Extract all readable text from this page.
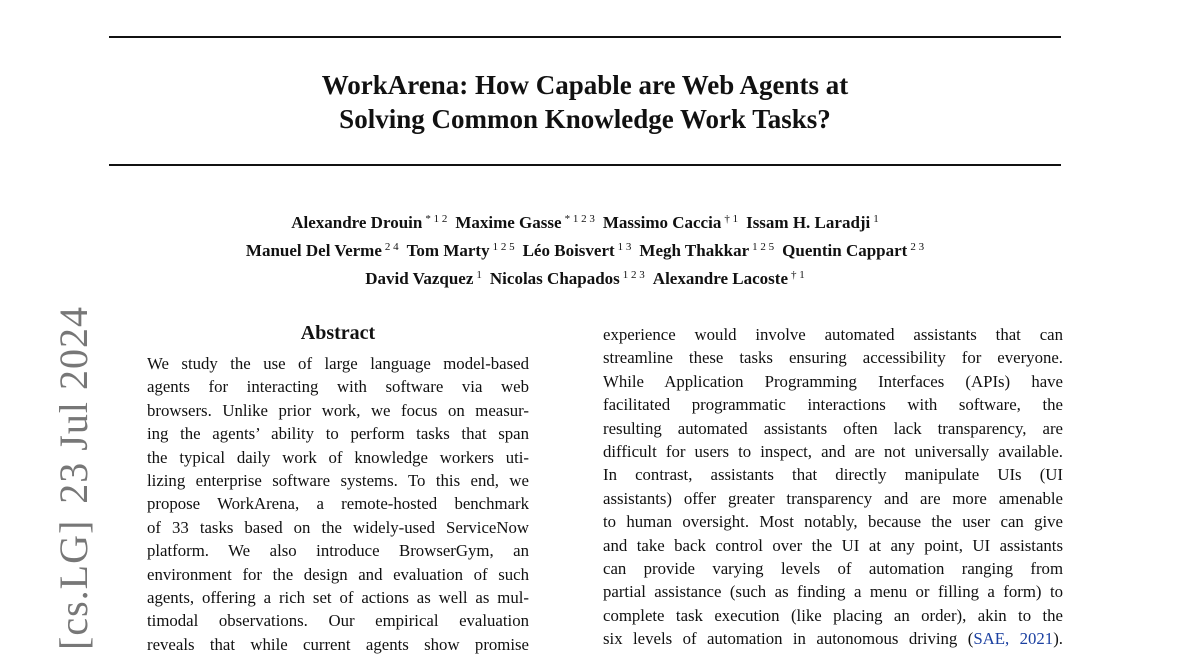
WorkArena: How Capable are Web Agents at
Solving Common Knowledge Work Tasks?
Alexandre Drouin $^{* 1 2}$ Maxime Gasse $^{* 1 2 3}$ Massimo Caccia $^{\dagger 1}$ Issam H. Laradji $^1$
Manuel Del Verme $^{2 4}$ Tom Marty $^{1 2 5}$ Léo Boisvert $^{1 3}$ Megh Thakkar $^{1 2 5}$ Quentin Cappart $^{2 3}$
David Vazquez $^1$ Nicolas Chapados $^{1 2 3}$ Alexandre Lacoste $^{\dagger 1}$
[cs.LG]23 Jul 2024	Abstract
We study the use of large language model-based
agents for interacting with software via web
browsers. Unlike prior work, we focus on measur-
ing the agents’ ability to perform tasks that span
the typical daily work of knowledge workers uti-
lizing enterprise software systems. To this end, we
propose WorkArena, a remote-hosted benchmark
of 33 tasks based on the widely-used ServiceNow
platform. We also introduce BrowserGym, an
environment for the design and evaluation of such
agents, offering a rich set of actions as well as mul-
timodal observations. Our empirical evaluation
reveals that while current agents show promise
experience would involve automated assistants that can
streamline these tasks ensuring accessibility for everyone.
While Application Programming Interfaces (APIs) have
facilitated programmatic interactions with software, the
resulting automated assistants often lack transparency, are
difficult for users to inspect, and are not universally available.
In contrast, assistants that directly manipulate UIs (UI
assistants) offer greater transparency and are more amenable
to human oversight. Most notably, because the user can give
and take back control over the UI at any point, UI assistants
can provide varying levels of automation ranging from
partial assistance (such as finding a menu or filling a form) to
complete task execution (like placing an order), akin to the
six levels of automation in autonomous driving (SAE, 2021).
